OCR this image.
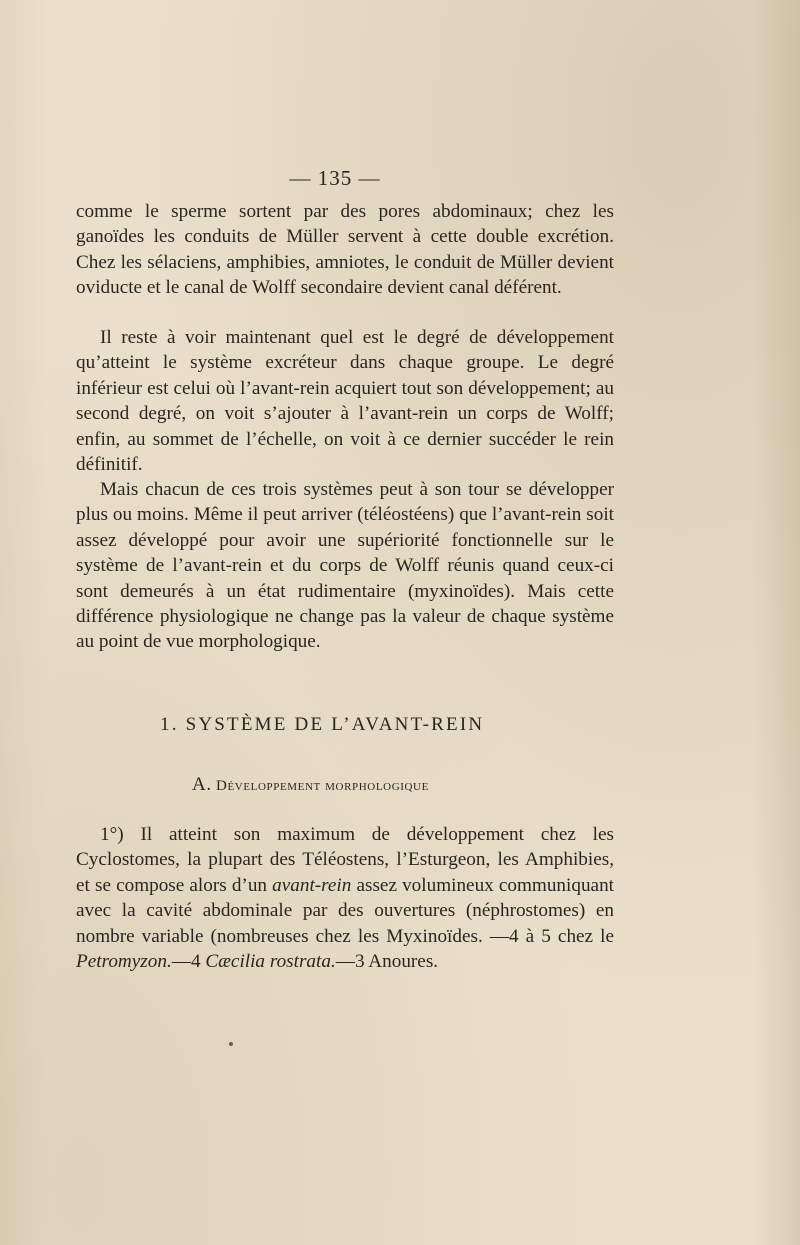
— 135 —

comme le sperme sortent par des pores abdominaux; chez les ganoïdes les conduits de Müller servent à cette double excrétion. Chez les sélaciens, amphibies, amniotes, le conduit de Müller devient oviducte et le canal de Wolff secondaire devient canal déférent.

Il reste à voir maintenant quel est le degré de développement qu’atteint le système excréteur dans chaque groupe. Le degré inférieur est celui où l’avant-rein acquiert tout son développement; au second degré, on voit s’ajouter à l’avant-rein un corps de Wolff; enfin, au sommet de l’échelle, on voit à ce dernier succéder le rein définitif.

Mais chacun de ces trois systèmes peut à son tour se développer plus ou moins. Même il peut arriver (téléostéens) que l’avant-rein soit assez développé pour avoir une supériorité fonctionnelle sur le système de l’avant-rein et du corps de Wolff réunis quand ceux-ci sont demeurés à un état rudimentaire (myxinoïdes). Mais cette différence physiologique ne change pas la valeur de chaque système au point de vue morphologique.

1. SYSTÈME DE L’AVANT-REIN
A. Développement morphologique

1°) Il atteint son maximum de développement chez les Cyclostomes, la plupart des Téléostens, l’Esturgeon, les Amphibies, et se compose alors d’un avant-rein assez volumineux communiquant avec la cavité abdominale par des ouvertures (néphrostomes) en nombre variable (nombreuses chez les Myxinoïdes. —4 à 5 chez le Petromyzon.—4 Cæcilia rostrata.—3 Anoures.
